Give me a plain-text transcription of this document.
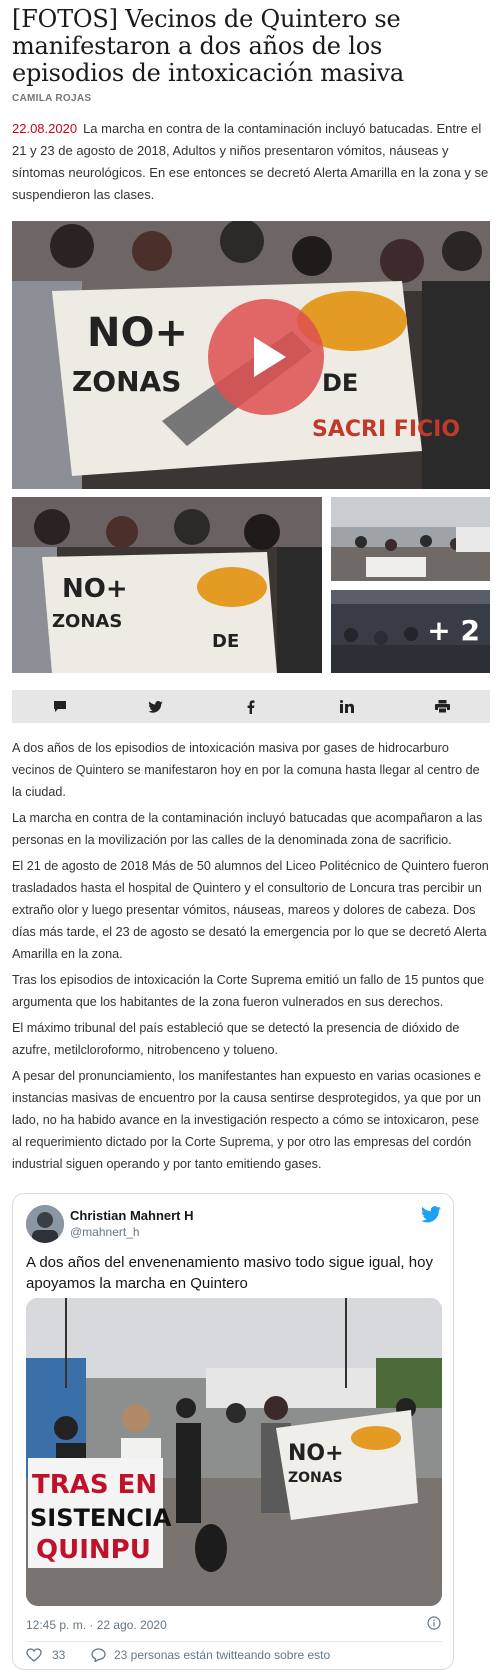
[FOTOS] Vecinos de Quintero se manifestaron a dos años de los episodios de intoxicación masiva
CAMILA ROJAS
22.08.2020 La marcha en contra de la contaminación incluyó batucadas. Entre el 21 y 23 de agosto de 2018, Adultos y niños presentaron vómitos, náuseas y síntomas neurológicos. En ese entonces se decretó Alerta Amarilla en la zona y se suspendieron las clases.
NO+
ZONAS	DE
SACRI FICIO
NO+
ZONAS
DE	+ 2

A dos años de los episodios de intoxicación masiva por gases de hidrocarburo vecinos de Quintero se manifestaron hoy en por la comuna hasta llegar al centro de la ciudad.

La marcha en contra de la contaminación incluyó batucadas que acompañaron a las personas en la movilización por las calles de la denominada zona de sacrificio.

El 21 de agosto de 2018 Más de 50 alumnos del Liceo Politécnico de Quintero fueron trasladados hasta el hospital de Quintero y el consultorio de Loncura tras percibir un extraño olor y luego presentar vómitos, náuseas, mareos y dolores de cabeza. Dos días más tarde, el 23 de agosto se desató la emergencia por lo que se decretó Alerta Amarilla en la zona.

Tras los episodios de intoxicación la Corte Suprema emitió un fallo de 15 puntos que argumenta que los habitantes de la zona fueron vulnerados en sus derechos.

El máximo tribunal del país estableció que se detectó la presencia de dióxido de azufre, metilcloroformo, nitrobenceno y tolueno.

A pesar del pronunciamiento, los manifestantes han expuesto en varias ocasiones e instancias masivas de encuentro por la causa sentirse desprotegidos, ya que por un lado, no ha habido avance en la investigación respecto a cómo se intoxicaron, pese al requerimiento dictado por la Corte Suprema, y por otro las empresas del cordón industrial siguen operando y por tanto emitiendo gases.

Christian Mahnert H
@mahnert_h
A dos años del envenenamiento masivo todo sigue igual, hoy apoyamos la marcha en Quintero
TRAS EN
SISTENCIA
QUINPU
NO+
ZONAS
12:45 p. m. · 22 ago. 2020
33	23 personas están twitteando sobre esto
